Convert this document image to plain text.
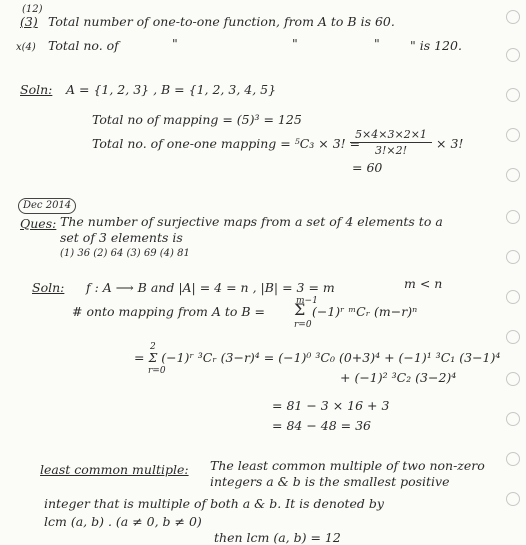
(12)
(3) Total number of one-to-one function, from A to B is 60.
x(4) Total no. of	"	"	" " is 120.
Soln: A = {1, 2, 3} , B = {1, 2, 3, 4, 5}
Total no of mapping = (5)³ = 125
Total no. of one-one mapping = ⁵C₃ × 3! =
5×4×3×2×1
3!×2!	× 3!
= 60
Dec 2014
Ques: The number of surjective maps from a set of 4 elements to a
set of 3 elements is
(1) 36 (2) 64 (3) 69 (4) 81
Soln: f : A ⟶ B and |A| = 4 = n , |B| = 3 = m	m < n
# onto mapping from A to B =
m−1
Σ
r=0
(−1)ʳ ᵐCᵣ (m−r)ⁿ
2
r=0
= Σ (−1)ʳ ³Cᵣ (3−r)⁴ = (−1)⁰ ³C₀ (0+3)⁴ + (−1)¹ ³C₁ (3−1)⁴
+ (−1)² ³C₂ (3−2)⁴
= 81 − 3 × 16 + 3
= 84 − 48 = 36
least common multiple: The least common multiple of two non-zero
integers a & b is the smallest positive
integer that is multiple of both a & b. It is denoted by
lcm (a, b) . (a ≠ 0, b ≠ 0)
then lcm (a, b) = 12
